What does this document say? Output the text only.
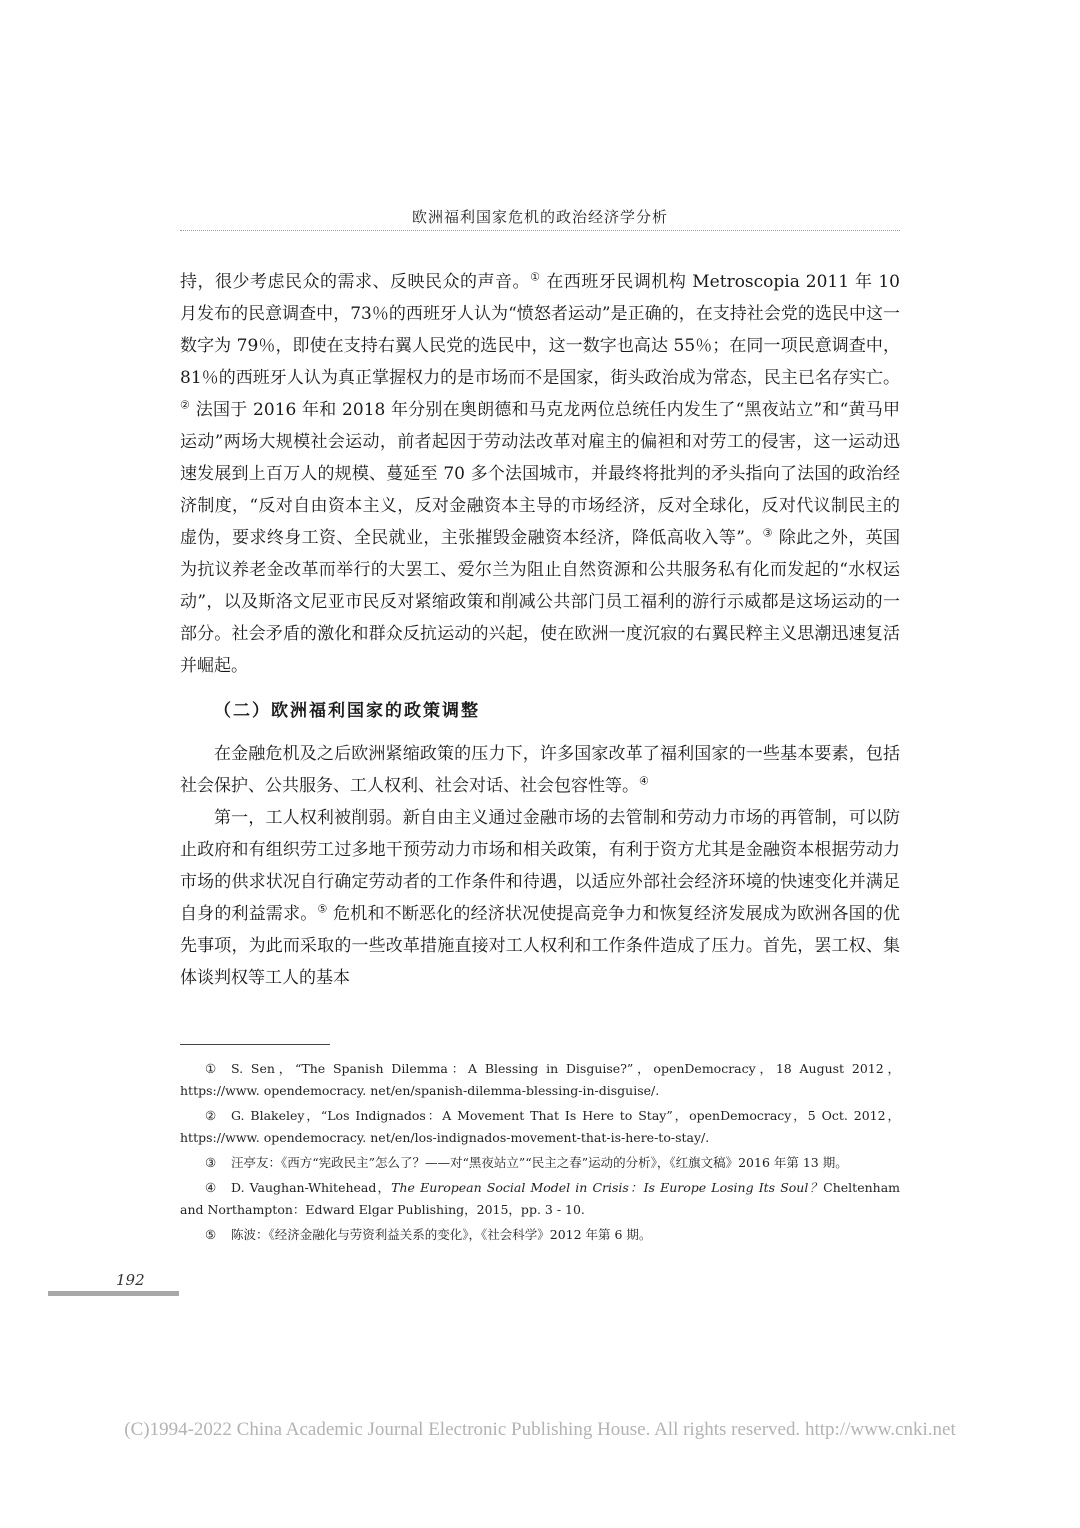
欧洲福利国家危机的政治经济学分析

持，很少考虑民众的需求、反映民众的声音。① 在西班牙民调机构 Metroscopia 2011 年 10 月发布的民意调查中，73％的西班牙人认为“愤怒者运动”是正确的，在支持社会党的选民中这一数字为 79％，即使在支持右翼人民党的选民中，这一数字也高达 55％；在同一项民意调查中，81％的西班牙人认为真正掌握权力的是市场而不是国家，街头政治成为常态，民主已名存实亡。② 法国于 2016 年和 2018 年分别在奥朗德和马克龙两位总统任内发生了“黑夜站立”和“黄马甲运动”两场大规模社会运动，前者起因于劳动法改革对雇主的偏袒和对劳工的侵害，这一运动迅速发展到上百万人的规模、蔓延至 70 多个法国城市，并最终将批判的矛头指向了法国的政治经济制度，“反对自由资本主义，反对金融资本主导的市场经济，反对全球化，反对代议制民主的虚伪，要求终身工资、全民就业，主张摧毁金融资本经济，降低高收入等”。③ 除此之外，英国为抗议养老金改革而举行的大罢工、爱尔兰为阻止自然资源和公共服务私有化而发起的“水权运动”，以及斯洛文尼亚市民反对紧缩政策和削减公共部门员工福利的游行示威都是这场运动的一部分。社会矛盾的激化和群众反抗运动的兴起，使在欧洲一度沉寂的右翼民粹主义思潮迅速复活并崛起。

（二）欧洲福利国家的政策调整

在金融危机及之后欧洲紧缩政策的压力下，许多国家改革了福利国家的一些基本要素，包括社会保护、公共服务、工人权利、社会对话、社会包容性等。④

第一，工人权利被削弱。新自由主义通过金融市场的去管制和劳动力市场的再管制，可以防止政府和有组织劳工过多地干预劳动力市场和相关政策，有利于资方尤其是金融资本根据劳动力市场的供求状况自行确定劳动者的工作条件和待遇，以适应外部社会经济环境的快速变化并满足自身的利益需求。⑤ 危机和不断恶化的经济状况使提高竞争力和恢复经济发展成为欧洲各国的优先事项，为此而采取的一些改革措施直接对工人权利和工作条件造成了压力。首先，罢工权、集体谈判权等工人的基本

① S. Sen，“The Spanish Dilemma：A Blessing in Disguise?”，openDemocracy，18 August 2012，https://www. opendemocracy. net/en/spanish-dilemma-blessing-in-disguise/.

② G. Blakeley，“Los Indignados：A Movement That Is Here to Stay”，openDemocracy，5 Oct. 2012，https://www. opendemocracy. net/en/los-indignados-movement-that-is-here-to-stay/.

③ 汪亭友：《西方“宪政民主”怎么了？——对“黑夜站立”“民主之春”运动的分析》，《红旗文稿》2016 年第 13 期。

④ D. Vaughan-Whitehead，The European Social Model in Crisis：Is Europe Losing Its Soul？Cheltenham and Northampton：Edward Elgar Publishing，2015，pp. 3 - 10.

⑤ 陈波：《经济金融化与劳资利益关系的变化》，《社会科学》2012 年第 6 期。

192
(C)1994-2022 China Academic Journal Electronic Publishing House. All rights reserved. http://www.cnki.net
